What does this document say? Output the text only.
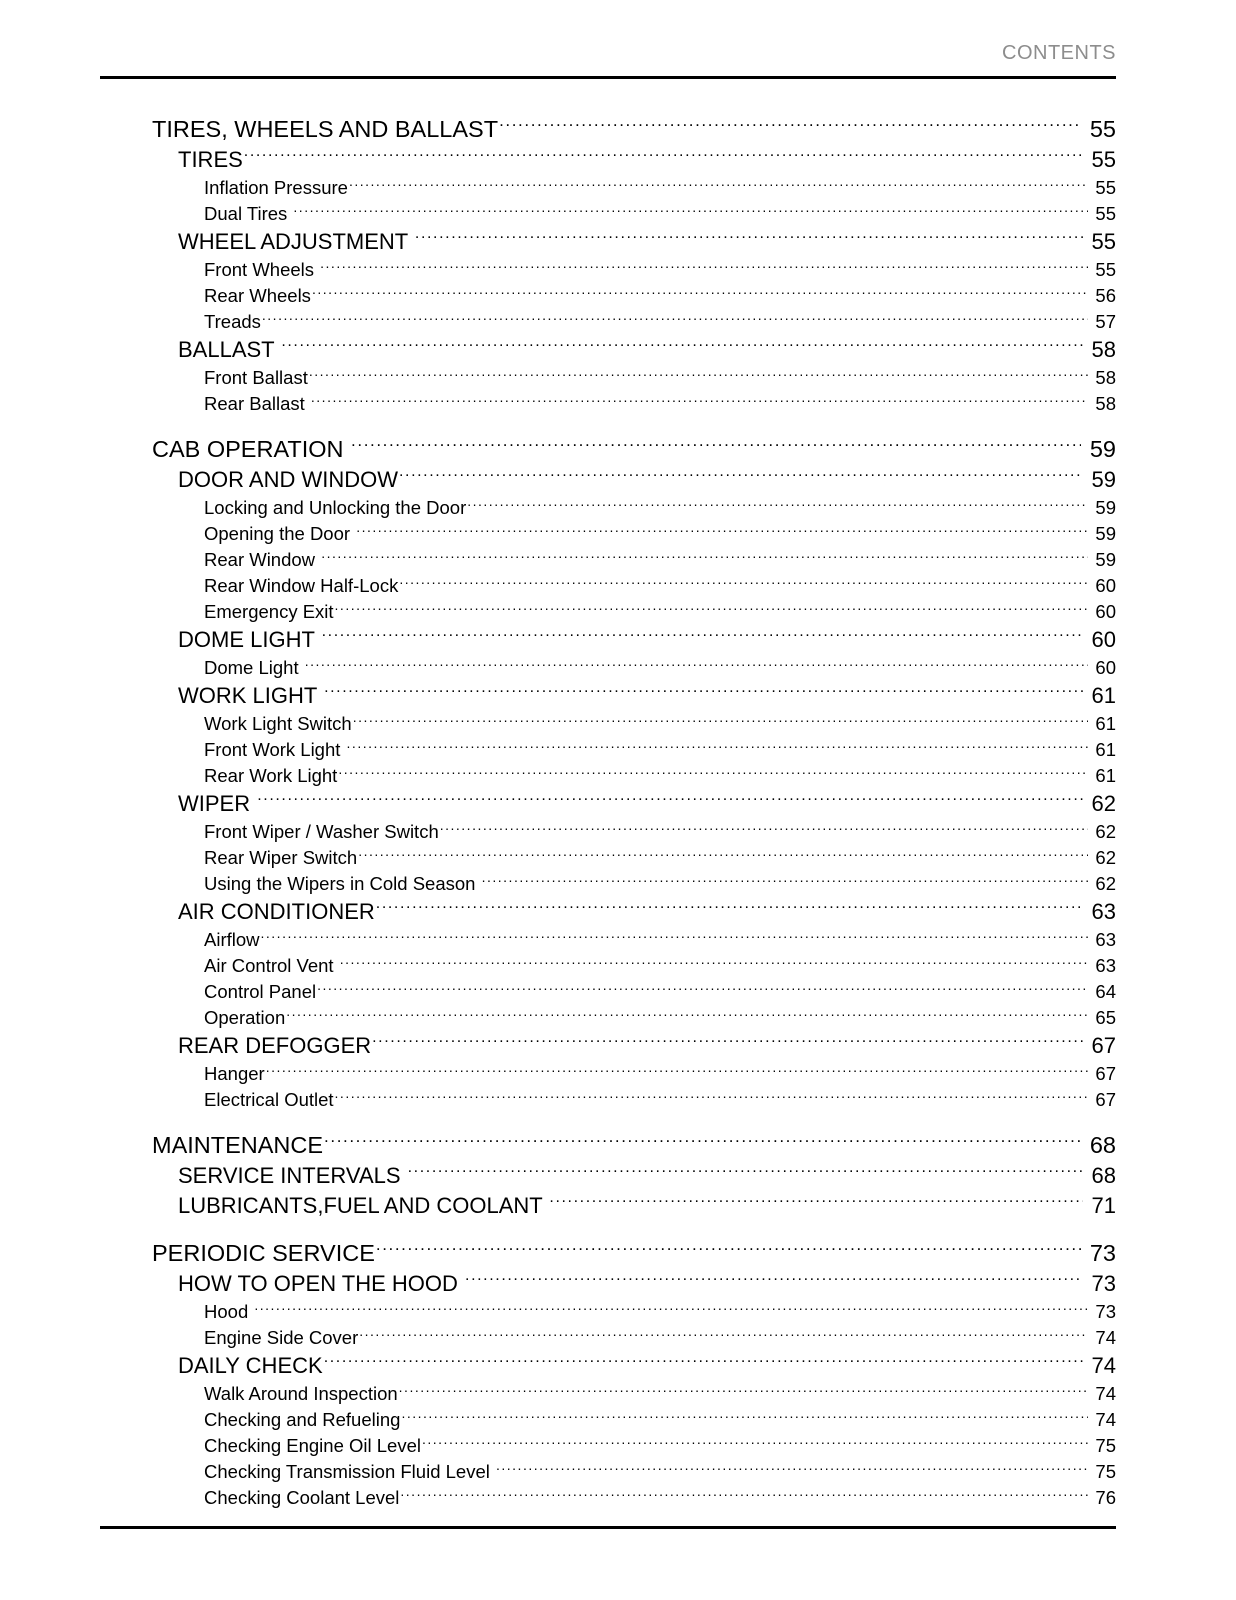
CONTENTS
TIRES, WHEELS AND BALLAST .....	55
TIRES .....	55
Inflation Pressure .....	55
Dual Tires .....	55
WHEEL ADJUSTMENT .....	55
Front Wheels .....	55
Rear Wheels .....	56
Treads .....	57
BALLAST .....	58
Front Ballast .....	58
Rear Ballast .....	58
CAB OPERATION .....	59
DOOR AND WINDOW .....	59
Locking and Unlocking the Door .....	59
Opening the Door .....	59
Rear Window .....	59
Rear Window Half-Lock .....	60
Emergency Exit .....	60
DOME LIGHT .....	60
Dome Light .....	60
WORK LIGHT .....	61
Work Light Switch .....	61
Front Work Light .....	61
Rear Work Light .....	61
WIPER .....	62
Front Wiper / Washer Switch .....	62
Rear Wiper Switch .....	62
Using the Wipers in Cold Season .....	62
AIR CONDITIONER .....	63
Airflow .....	63
Air Control Vent .....	63
Control Panel .....	64
Operation .....	65
REAR DEFOGGER .....	67
Hanger .....	67
Electrical Outlet .....	67
MAINTENANCE .....	68
SERVICE INTERVALS .....	68
LUBRICANTS,FUEL AND COOLANT .....	71
PERIODIC SERVICE .....	73
HOW TO OPEN THE HOOD .....	73
Hood .....	73
Engine Side Cover .....	74
DAILY CHECK .....	74
Walk Around Inspection .....	74
Checking and Refueling .....	74
Checking Engine Oil Level .....	75
Checking Transmission Fluid Level .....	75
Checking Coolant Level .....	76
